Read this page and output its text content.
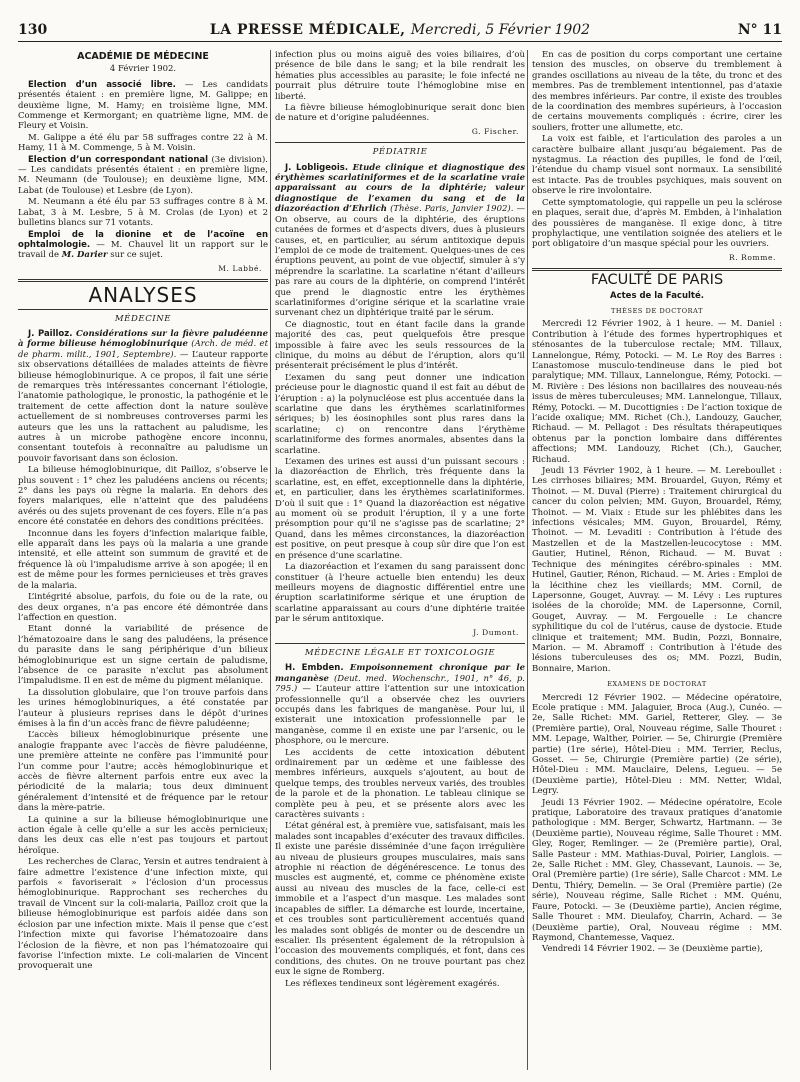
130	LA PRESSE MÉDICALE, Mercredi, 5 Février 1902	N° 11
ACADÉMIE DE MÉDECINE
4 Février 1902.

Election d’un associé libre. — Les candidats présentés étaient : en première ligne, M. Galippe; en deuxième ligne, M. Hamy; en troisième ligne, MM. Commenge et Kermorgant; en quatrième ligne, MM. de Fleury et Voisin.

M. Galippe a été élu par 58 suffrages contre 22 à M. Hamy, 11 à M. Commenge, 5 à M. Voisin.

Election d’un correspondant national (3e division). — Les candidats présentés étaient : en première ligne, M. Neumann (de Toulouse); en deuxième ligne, MM. Labat (de Toulouse) et Lesbre (de Lyon).

M. Neumann a été élu par 53 suffrages contre 8 à M. Labat, 3 à M. Lesbre, 5 à M. Crolas (de Lyon) et 2 bulletins blancs sur 71 votants.

Emploi de la dionine et de l’acoïne en ophtalmologie. — M. Chauvel lit un rapport sur le travail de M. Darier sur ce sujet.

M. Labbé.
ANALYSES
MÉDECINE

J. Pailloz. Considérations sur la fièvre paludéenne à forme bilieuse hémoglobinurique (Arch. de méd. et de pharm. milit., 1901, Septembre). — L’auteur rapporte six observations détaillées de malades atteints de fièvre bilieuse hémoglobinurique. A ce propos, il fait une série de remarques très intéressantes concernant l’étiologie, l’anatomie pathologique, le pronostic, la pathogénie et le traitement de cette affection dont la nature soulève actuellement de si nombreuses controverses parmi les auteurs que les uns la rattachent au paludisme, les autres à un microbe pathogène encore inconnu, consentant toutefois à reconnaître au paludisme un pouvoir favorisant dans son éclosion.

La bilieuse hémoglobinurique, dit Pailloz, s’observe le plus souvent : 1° chez les paludéens anciens ou récents; 2° dans les pays où règne la malaria. En dehors des foyers malariques, elle n’atteint que des paludéens avérés ou des sujets provenant de ces foyers. Elle n’a pas encore été constatée en dehors des conditions précitées.

Inconnue dans les foyers d’infection malarique faible, elle apparaît dans les pays où la malaria a une grande intensité, et elle atteint son summum de gravité et de fréquence là où l’impaludisme arrive à son apogée; il en est de même pour les formes pernicieuses et très graves de la malaria.

L’intégrité absolue, parfois, du foie ou de la rate, ou des deux organes, n’a pas encore été démontrée dans l’affection en question.

Etant donné la variabilité de présence de l’hématozoaire dans le sang des paludéens, la présence du parasite dans le sang périphérique d’un bilieux hémoglobinurique est un signe certain de paludisme, l’absence de ce parasite n’exclut pas absolument l’impaludisme. Il en est de même du pigment mélanique.

La dissolution globulaire, que l’on trouve parfois dans les urines hémoglobinuriques, a été constatée par l’auteur à plusieurs reprises dans le dépôt d’urines émises à la fin d’un accès franc de fièvre paludéenne;

L’accès bilieux hémoglobinurique présente une analogie frappante avec l’accès de fièvre paludéenne, une première atteinte ne confère pas l’immunité pour l’un comme pour l’autre; accès hémoglobinurique et accès de fièvre alternent parfois entre eux avec la périodicité de la malaria; tous deux diminuent généralement d’intensité et de fréquence par le retour dans la mère-patrie.

La quinine a sur la bilieuse hémoglobinurique une action égale à celle qu’elle a sur les accès pernicieux; dans les deux cas elle n’est pas toujours et partout héroïque.

Les recherches de Clarac, Yersin et autres tendraient à faire admettre l’existence d’une infection mixte, qui parfois « favoriserait » l’éclosion d’un processus hémoglobinurique. Rapprochant ses recherches du travail de Vincent sur la coli-malaria, Pailloz croit que la bilieuse hémoglobinurique est parfois aidée dans son éclosion par une infection mixte. Mais il pense que c’est l’infection mixte qui favorise l’hématozoaire dans l’éclosion de la fièvre, et non pas l’hématozoaire qui favorise l’infection mixte. Le coli-malarien de Vincent provoquerait une

infection plus ou moins aiguë des voies biliaires, d’où présence de bile dans le sang; et la bile rendrait les hématies plus accessibles au parasite; le foie infecté ne pourrait plus détruire toute l’hémoglobine mise en liberté.

La fièvre bilieuse hémoglobinurique serait donc bien de nature et d’origine paludéennes.

G. Fischer.
PÉDIATRIE

J. Lobligeois. Etude clinique et diagnostique des érythèmes scarlatiniformes et de la scarlatine vraie apparaissant au cours de la diphtérie; valeur diagnostique de l’examen du sang et de la diazoréaction d’Ehrlich (Thèse. Paris, Janvier 1902). — On observe, au cours de la diphtérie, des éruptions cutanées de formes et d’aspects divers, dues à plusieurs causes, et, en particulier, au sérum antitoxique depuis l’emploi de ce mode de traitement. Quelques-unes de ces éruptions peuvent, au point de vue objectif, simuler à s’y méprendre la scarlatine. La scarlatine n’étant d’ailleurs pas rare au cours de la diphtérie, on comprend l’intérêt que prend le diagnostic entre les érythèmes scarlatiniformes d’origine sérique et la scarlatine vraie survenant chez un diphtérique traité par le sérum.

Ce diagnostic, tout en étant facile dans la grande majorité des cas, peut quelquefois être presque impossible à faire avec les seuls ressources de la clinique, du moins au début de l’éruption, alors qu’il présenterait précisément le plus d’intérêt.

L’examen du sang peut donner une indication précieuse pour le diagnostic quand il est fait au début de l’éruption : a) la polynucléose est plus accentuée dans la scarlatine que dans les érythèmes scarlatiniformes sériques; b) les éosinophiles sont plus rares dans la scarlatine; c) on rencontre dans l’érythème scarlatiniforme des formes anormales, absentes dans la scarlatine.

L’examen des urines est aussi d’un puissant secours : la diazoréaction de Ehrlich, très fréquente dans la scarlatine, est, en effet, exceptionnelle dans la diphtérie, et, en particulier, dans les érythèmes scarlatiniformes. D’où il suit que : 1° Quand la diazoréaction est négative au moment où se produit l’éruption, il y a une forte présomption pour qu’il ne s’agisse pas de scarlatine; 2° Quand, dans les mêmes circonstances, la diazoréaction est positive, on peut presque à coup sûr dire que l’on est en présence d’une scarlatine.

La diazoréaction et l’examen du sang paraissent donc constituer (à l’heure actuelle bien entendu) les deux meilleurs moyens de diagnostic différentiel entre une éruption scarlatiniforme sérique et une éruption de scarlatine apparaissant au cours d’une diphtérie traitée par le sérum antitoxique.

J. Dumont.
MÉDECINE LÉGALE ET TOXICOLOGIE

H. Embden. Empoisonnement chronique par le manganèse (Deut. med. Wochenschr., 1901, n° 46, p. 795.) — L’auteur attire l’attention sur une intoxication professionnelle qu’il a observée chez les ouvriers occupés dans les fabriques de manganèse. Pour lui, il existerait une intoxication professionnelle par le manganèse, comme il en existe une par l’arsenic, ou le phosphore, ou le mercure.

Les accidents de cette intoxication débutent ordinairement par un œdème et une faiblesse des membres inférieurs, auxquels s’ajoutent, au bout de quelque temps, des troubles nerveux variés, des troubles de la parole et de la phonation. Le tableau clinique se complète peu à peu, et se présente alors avec les caractères suivants :

L’état général est, à première vue, satisfaisant, mais les malades sont incapables d’exécuter des travaux difficiles. Il existe une parésie disséminée d’une façon irrégulière au niveau de plusieurs groupes musculaires, mais sans atrophie ni réaction de dégénérescence. Le tonus des muscles est augmenté, et, comme ce phénomène existe aussi au niveau des muscles de la face, celle-ci est immobile et a l’aspect d’un masque. Les malades sont incapables de siffler. La démarche est lourde, incertaine, et ces troubles sont particulièrement accentués quand les malades sont obligés de monter ou de descendre un escalier. Ils présentent également de la rétropulsion à l’occasion des mouvements compliqués, et font, dans ces conditions, des chutes. On ne trouve pourtant pas chez eux le signe de Romberg.

Les réflexes tendineux sont légèrement exagérés.

En cas de position du corps comportant une certaine tension des muscles, on observe du tremblement à grandes oscillations au niveau de la tête, du tronc et des membres. Pas de tremblement intentionnel, pas d’ataxie des membres inférieurs. Par contre, il existe des troubles de la coordination des membres supérieurs, à l’occasion de certains mouvements compliqués : écrire, cirer les souliers, frotter une allumette, etc.

La voix est faible, et l’articulation des paroles a un caractère bulbaire allant jusqu’au bégaiement. Pas de nystagmus. La réaction des pupilles, le fond de l’œil, l’étendue du champ visuel sont normaux. La sensibilité est intacte. Pas de troubles psychiques, mais souvent on observe le rire involontaire.

Cette symptomatologie, qui rappelle un peu la sclérose en plaques, serait due, d’après M. Embden, à l’inhalation des poussières de manganèse. Il exige donc, à titre prophylactique, une ventilation soignée des ateliers et le port obligatoire d’un masque spécial pour les ouvriers.

R. Romme.
FACULTÉ DE PARIS
Actes de la Faculté.
THÈSES DE DOCTORAT

Mercredi 12 Février 1902, à 1 heure. — M. Daniel : Contribution à l’étude des formes hypertrophiques et sténosantes de la tuberculose rectale; MM. Tillaux, Lannelongue, Rémy, Potocki. — M. Le Roy des Barres : L’anastomose musculo-tendineuse dans le pied bot paralytique; MM. Tillaux, Lannelongue, Rémy, Potocki. — M. Rivière : Des lésions non bacillaires des nouveau-nés issus de mères tuberculeuses; MM. Lannelongue, Tillaux, Rémy, Potocki. — M. Ducottignies : De l’action toxique de l’acide oxalique; MM. Richet (Ch.), Landouzy, Gaucher, Richaud. — M. Pellagot : Des résultats thérapeutiques obtenus par la ponction lombaire dans différentes affections; MM. Landouzy, Richet (Ch.), Gaucher, Richaud.

Jeudi 13 Février 1902, à 1 heure. — M. Lereboullet : Les cirrhoses biliaires; MM. Brouardel, Guyon, Rémy et Thoinot. — M. Duval (Pierre) : Traitement chirurgical du cancer du colon pelvien; MM. Guyon, Brouardel, Rémy, Thoinot. — M. Viaix : Etude sur les phlébites dans les infections vésicales; MM. Guyon, Brouardel, Rémy, Thoinot. — M. Levaditi : Contribution à l’étude des Mastzellen et de la Mastzellen-leucocytose : MM. Gautier, Hutinel, Rénon, Richaud. — M. Buvat : Technique des méningites cérébro-spinales : MM. Hutinel, Gautier, Rénon, Richaud. — M. Aries : Emploi de la lécithine chez les vieillards; MM. Cornil, de Lapersonne, Gouget, Auvray. — M. Lévy : Les ruptures isolées de la choroïde; MM. de Lapersonne, Cornil, Gouget, Auvray. — M. Fergouelle : Le chancre syphilitique du col de l’utérus, cause de dystocie. Etude clinique et traitement; MM. Budin, Pozzi, Bonnaire, Marion. — M. Abramoff : Contribution à l’étude des lésions tuberculeuses des os; MM. Pozzi, Budin, Bonnaire, Marion.

EXAMENS DE DOCTORAT

Mercredi 12 Février 1902. — Médecine opératoire, Ecole pratique : MM. Jalaguier, Broca (Aug.), Cunéo. — 2e, Salle Richet: MM. Gariel, Retterer, Gley. — 3e (Première partie), Oral, Nouveau régime, Salle Thouret : MM. Lepage, Walther, Poirier. — 5e, Chirurgie (Première partie) (1re série), Hôtel-Dieu : MM. Terrier, Reclus, Gosset. — 5e, Chirurgie (Première partie) (2e série), Hôtel-Dieu : MM. Mauclaire, Delens, Legueu. — 5e (Deuxième partie), Hôtel-Dieu : MM. Netter, Widal, Legry.

Jeudi 13 Février 1902. — Médecine opératoire, Ecole pratique, Laboratoire des travaux pratiques d’anatomie pathologique : MM. Berger, Schwartz, Hartmann. — 3e (Deuxième partie), Nouveau régime, Salle Thouret : MM. Gley, Roger, Remlinger. — 2e (Première partie), Oral, Salle Pasteur : MM. Mathias-Duval, Poirier, Langlois. — 2e, Salle Richet : MM. Gley, Chassevant, Launois. — 3e, Oral (Première partie) (1re série), Salle Charcot : MM. Le Dentu, Thiéry, Demelin. — 3e Oral (Première partie) (2e série), Nouveau régime, Salle Richet : MM. Quénu, Faure, Potocki. — 3e (Deuxième partie), Ancien régime, Salle Thouret : MM. Dieulafoy, Charrin, Achard. — 3e (Deuxième partie), Oral, Nouveau régime : MM. Raymond, Chantemesse, Vaquez.

Vendredi 14 Février 1902. — 3e (Deuxième partie),
